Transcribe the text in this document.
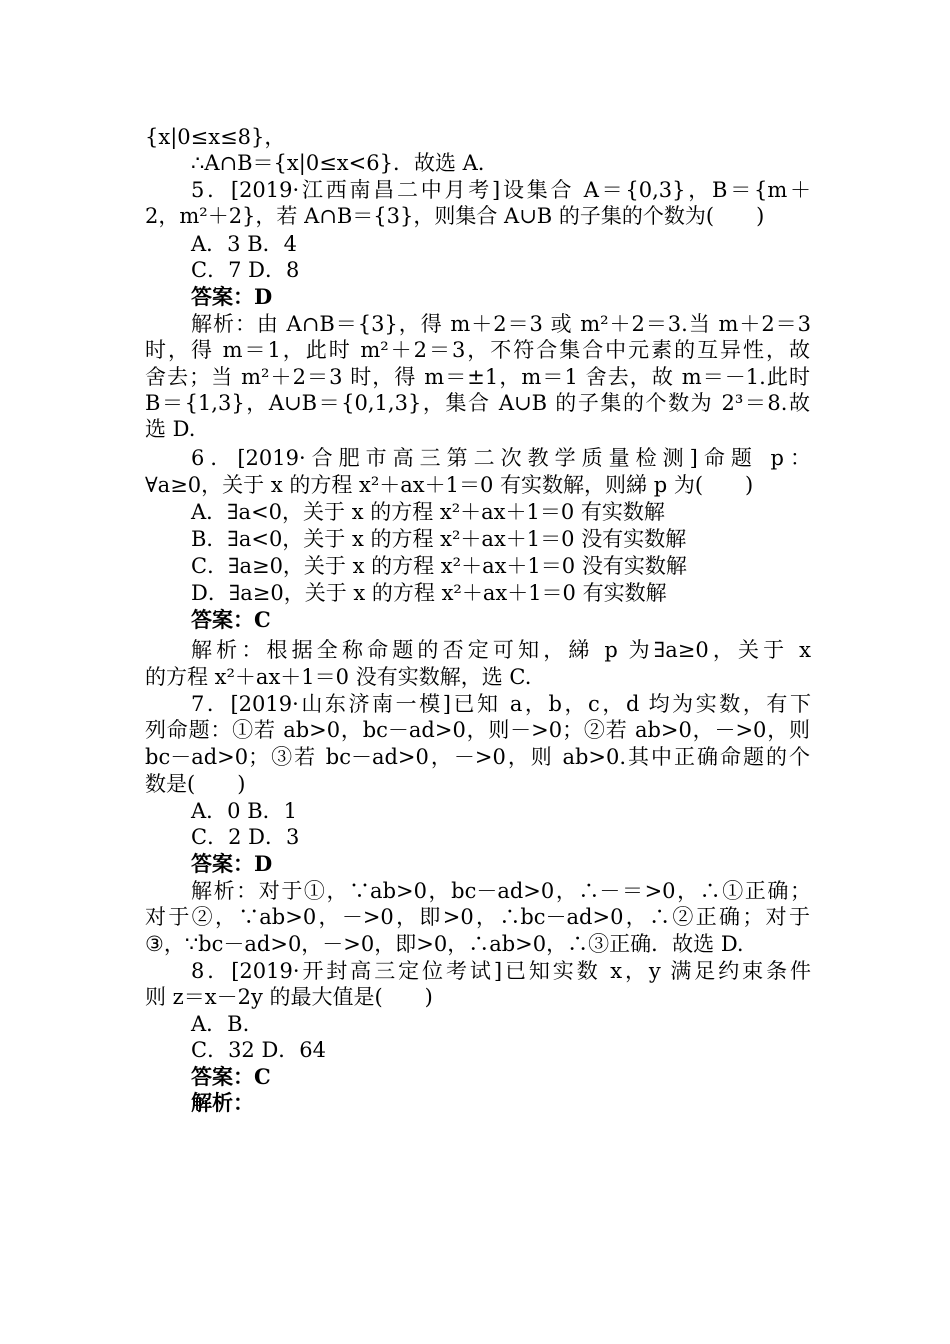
{x|0≤x≤8}，
∴A∩B＝{x|0≤x<6}．故选 A.
5．[2019·江西南昌二中月考]设集合 A＝{0,3}，B＝{m＋
2，m²＋2}，若 A∩B＝{3}，则集合 A∪B 的子集的个数为(　　)
A．3 B．4
C．7 D．8
答案：D
解析：由 A∩B＝{3}，得 m＋2＝3 或 m²＋2＝3.当 m＋2＝3
时，得 m＝1，此时 m²＋2＝3，不符合集合中元素的互异性，故
舍去；当 m²＋2＝3 时，得 m＝±1，m＝1 舍去，故 m＝－1.此时
B＝{1,3}，A∪B＝{0,1,3}，集合 A∪B 的子集的个数为 2³＝8.故
选 D.
6．[2019·合肥市高三第二次教学质量检测]命题 p：
∀a≥0，关于 x 的方程 x²＋ax＋1＝0 有实数解，则綈 p 为(　　)
A．∃a<0，关于 x 的方程 x²＋ax＋1＝0 有实数解
B．∃a<0，关于 x 的方程 x²＋ax＋1＝0 没有实数解
C．∃a≥0，关于 x 的方程 x²＋ax＋1＝0 没有实数解
D．∃a≥0，关于 x 的方程 x²＋ax＋1＝0 有实数解
答案：C
解析：根据全称命题的否定可知，綈 p 为∃a≥0，关于 x
的方程 x²＋ax＋1＝0 没有实数解，选 C.
7．[2019·山东济南一模]已知 a，b，c，d 均为实数，有下
列命题：①若 ab>0，bc－ad>0，则－>0；②若 ab>0，－>0，则
bc－ad>0；③若 bc－ad>0，－>0，则 ab>0.其中正确命题的个
数是(　　)
A．0 B．1
C．2 D．3
答案：D
解析：对于①，∵ab>0，bc－ad>0，∴－＝>0，∴①正确；
对于②，∵ab>0，－>0，即>0，∴bc－ad>0，∴②正确；对于
③，∵bc－ad>0，－>0，即>0，∴ab>0，∴③正确．故选 D.
8．[2019·开封高三定位考试]已知实数 x，y 满足约束条件
则 z＝x－2y 的最大值是(　　)
A．B.
C．32 D．64
答案：C
解析：
